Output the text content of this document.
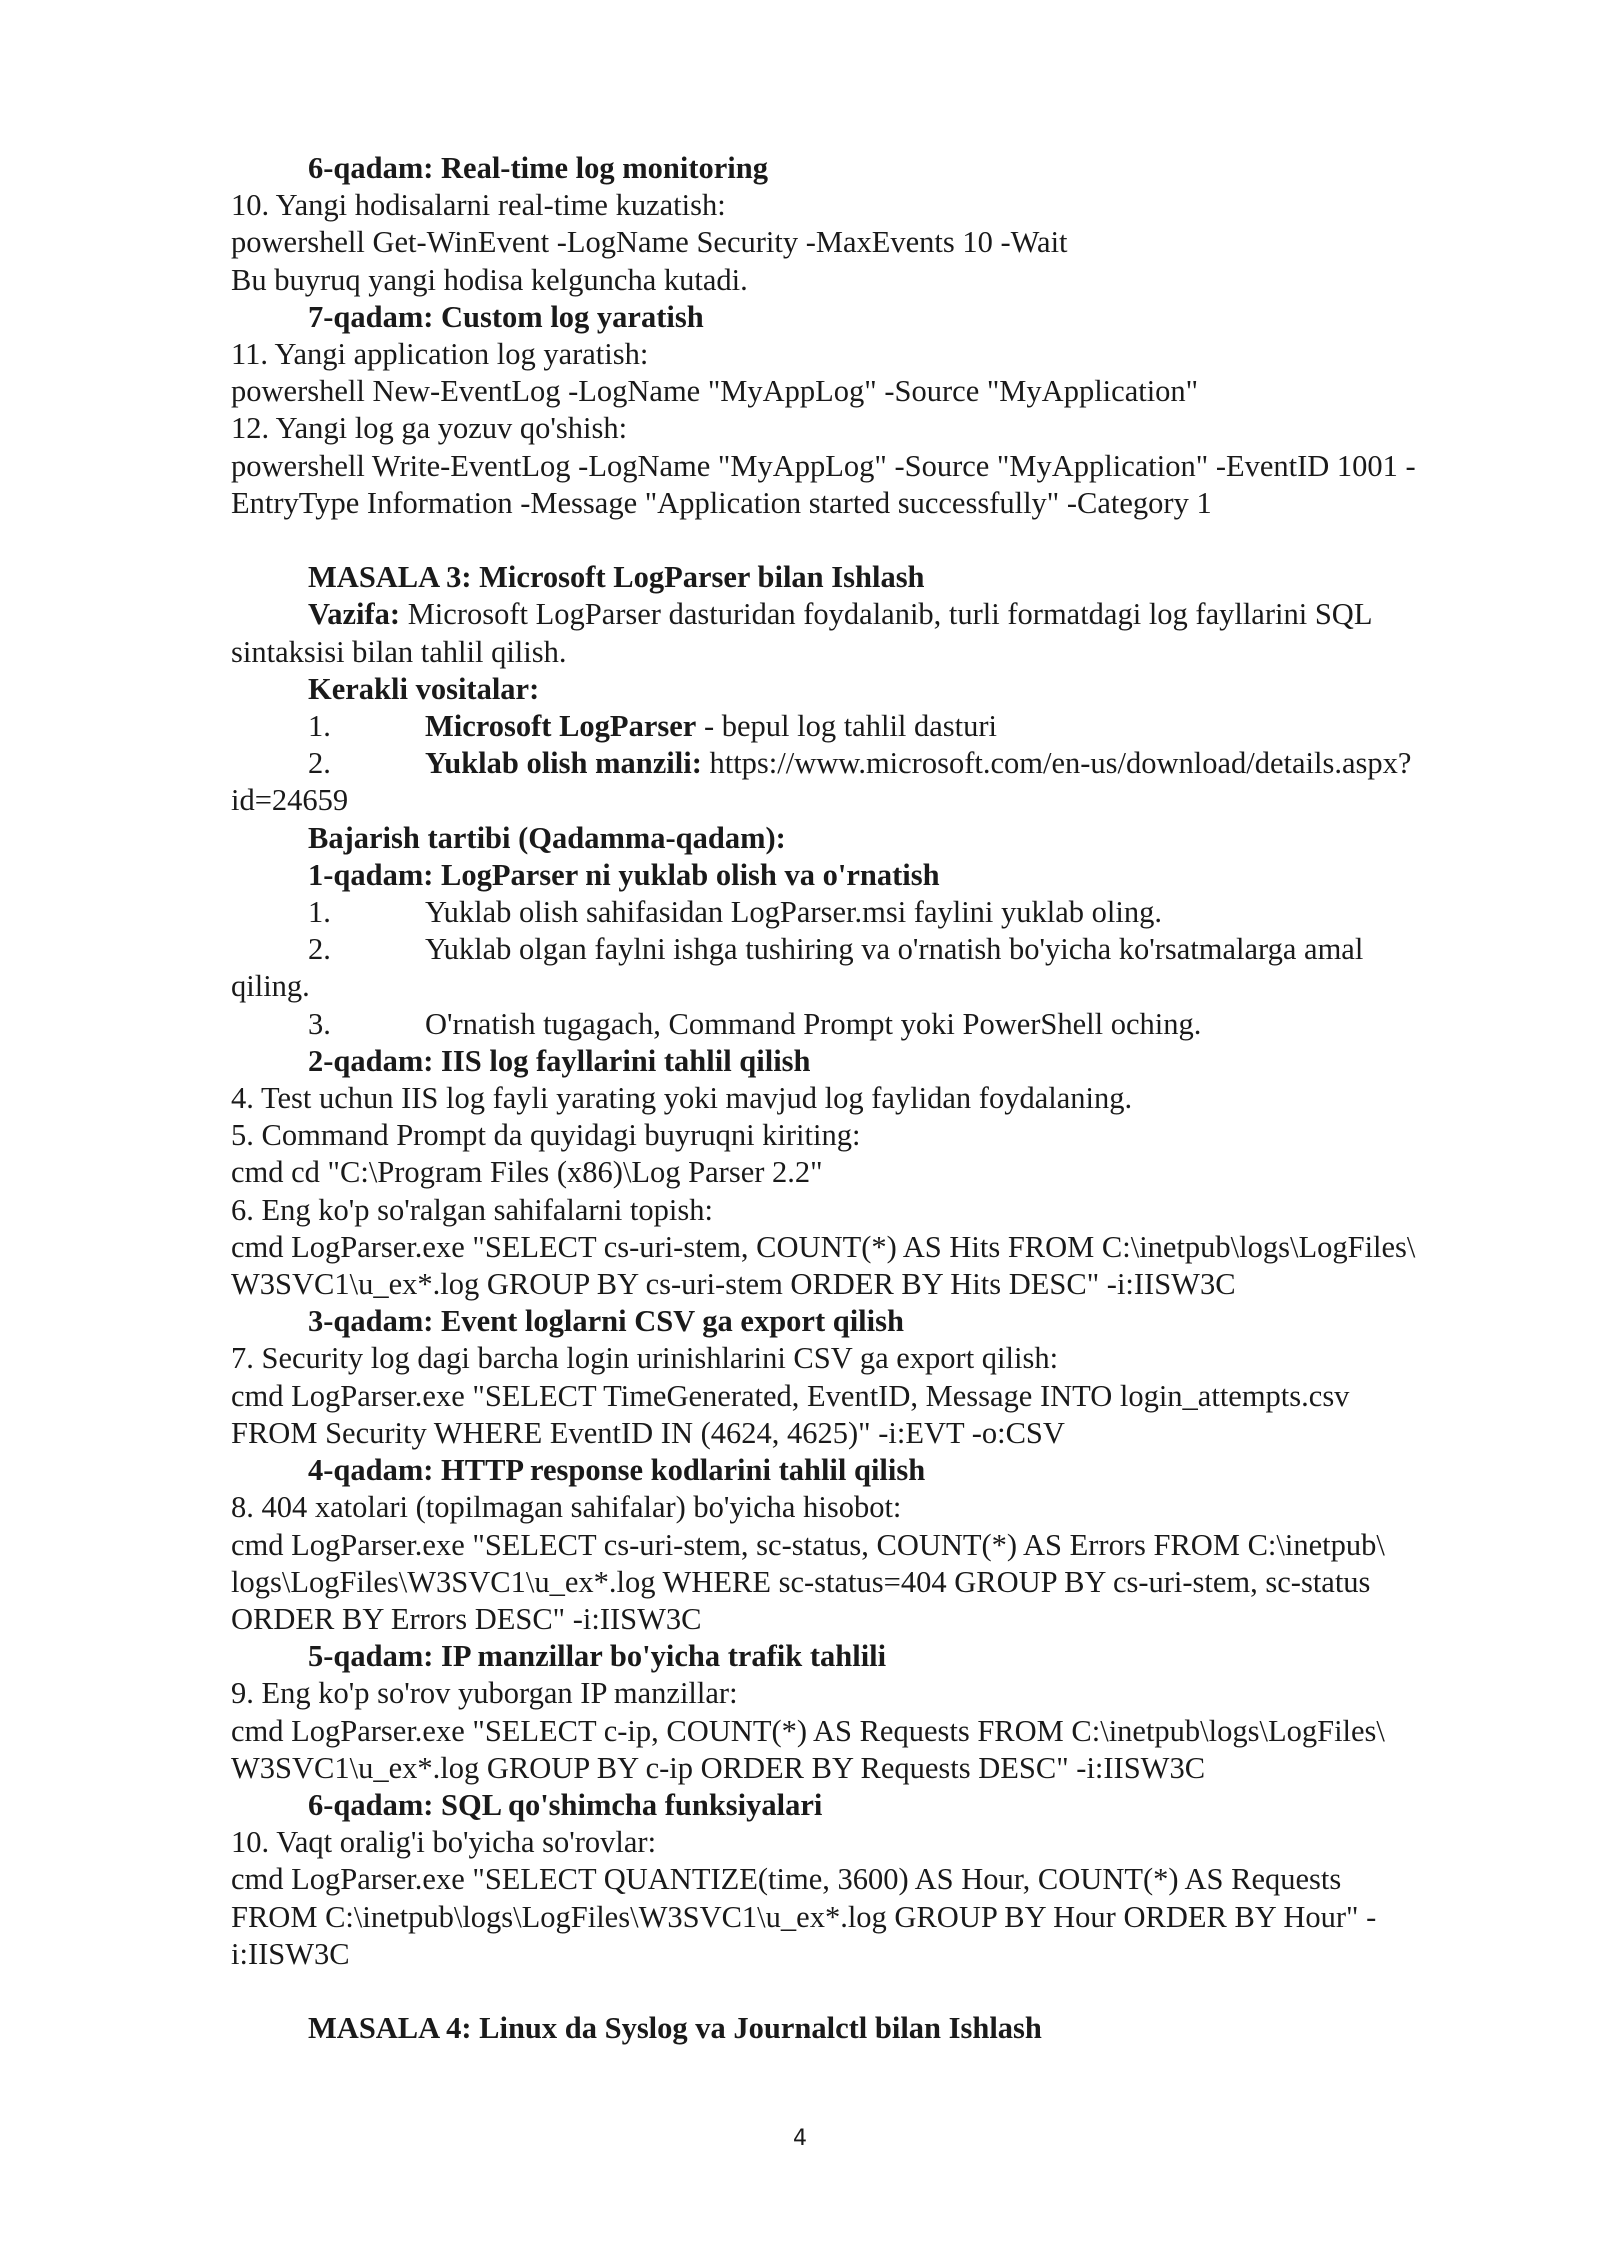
6-qadam: Real-time log monitoring
10. Yangi hodisalarni real-time kuzatish:
powershell Get-WinEvent -LogName Security -MaxEvents 10 -Wait
Bu buyruq yangi hodisa kelguncha kutadi.
7-qadam: Custom log yaratish
11. Yangi application log yaratish:
powershell New-EventLog -LogName "MyAppLog" -Source "MyApplication"
12. Yangi log ga yozuv qo'shish:
powershell Write-EventLog -LogName "MyAppLog" -Source "MyApplication" -EventID 1001 -
EntryType Information -Message "Application started successfully" -Category 1
MASALA 3: Microsoft LogParser bilan Ishlash
Vazifa: Microsoft LogParser dasturidan foydalanib, turli formatdagi log fayllarini SQL
sintaksisi bilan tahlil qilish.
Kerakli vositalar:
1.	Microsoft LogParser - bepul log tahlil dasturi
2.	Yuklab olish manzili: https://www.microsoft.com/en-us/download/details.aspx?
id=24659
Bajarish tartibi (Qadamma-qadam):
1-qadam: LogParser ni yuklab olish va o'rnatish
1.	Yuklab olish sahifasidan LogParser.msi faylini yuklab oling.
2.	Yuklab olgan faylni ishga tushiring va o'rnatish bo'yicha ko'rsatmalarga amal
qiling.
3.	O'rnatish tugagach, Command Prompt yoki PowerShell oching.
2-qadam: IIS log fayllarini tahlil qilish
4. Test uchun IIS log fayli yarating yoki mavjud log faylidan foydalaning.
5. Command Prompt da quyidagi buyruqni kiriting:
cmd cd "C:\Program Files (x86)\Log Parser 2.2"
6. Eng ko'p so'ralgan sahifalarni topish:
cmd LogParser.exe "SELECT cs-uri-stem, COUNT(*) AS Hits FROM C:\inetpub\logs\LogFiles\
W3SVC1\u_ex*.log GROUP BY cs-uri-stem ORDER BY Hits DESC" -i:IISW3C
3-qadam: Event loglarni CSV ga export qilish
7. Security log dagi barcha login urinishlarini CSV ga export qilish:
cmd LogParser.exe "SELECT TimeGenerated, EventID, Message INTO login_attempts.csv
FROM Security WHERE EventID IN (4624, 4625)" -i:EVT -o:CSV
4-qadam: HTTP response kodlarini tahlil qilish
8. 404 xatolari (topilmagan sahifalar) bo'yicha hisobot:
cmd LogParser.exe "SELECT cs-uri-stem, sc-status, COUNT(*) AS Errors FROM C:\inetpub\
logs\LogFiles\W3SVC1\u_ex*.log WHERE sc-status=404 GROUP BY cs-uri-stem, sc-status
ORDER BY Errors DESC" -i:IISW3C
5-qadam: IP manzillar bo'yicha trafik tahlili
9. Eng ko'p so'rov yuborgan IP manzillar:
cmd LogParser.exe "SELECT c-ip, COUNT(*) AS Requests FROM C:\inetpub\logs\LogFiles\
W3SVC1\u_ex*.log GROUP BY c-ip ORDER BY Requests DESC" -i:IISW3C
6-qadam: SQL qo'shimcha funksiyalari
10. Vaqt oralig'i bo'yicha so'rovlar:
cmd LogParser.exe "SELECT QUANTIZE(time, 3600) AS Hour, COUNT(*) AS Requests
FROM C:\inetpub\logs\LogFiles\W3SVC1\u_ex*.log GROUP BY Hour ORDER BY Hour" -
i:IISW3C
MASALA 4: Linux da Syslog va Journalctl bilan Ishlash
4
